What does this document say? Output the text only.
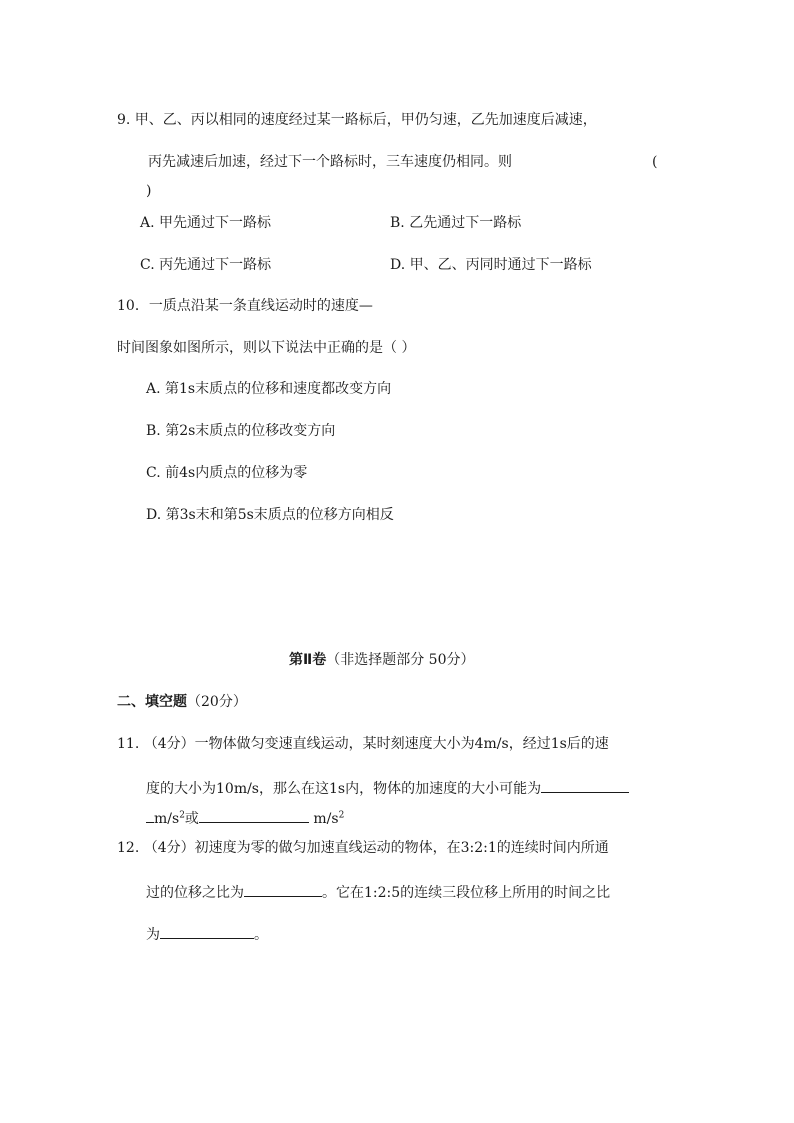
9. 甲、乙、丙以相同的速度经过某一路标后，甲仍匀速，乙先加速度后减速，
丙先减速后加速，经过下一个路标时，三车速度仍相同。则	(
)
A. 甲先通过下一路标	B. 乙先通过下一路标
C. 丙先通过下一路标	D. 甲、乙、丙同时通过下一路标
10．一质点沿某一条直线运动时的速度—
时间图象如图所示，则以下说法中正确的是（ ）
A. 第1s末质点的位移和速度都改变方向
B. 第2s末质点的位移改变方向
C. 前4s内质点的位移为零
D. 第3s末和第5s末质点的位移方向相反
第Ⅱ卷（非选择题部分 50分）
二、填空题（20分）
11. （4分）一物体做匀变速直线运动，某时刻速度大小为4m/s，经过1s后的速
度的大小为10m/s，那么在这1s内，物体的加速度的大小可能为
$m/s^2$或	$m/s^2$
12. （4分）初速度为零的做匀加速直线运动的物体，在3:2:1的连续时间内所通
过的位移之比为	。它在1:2:5的连续三段位移上所用的时间之比
为	。
